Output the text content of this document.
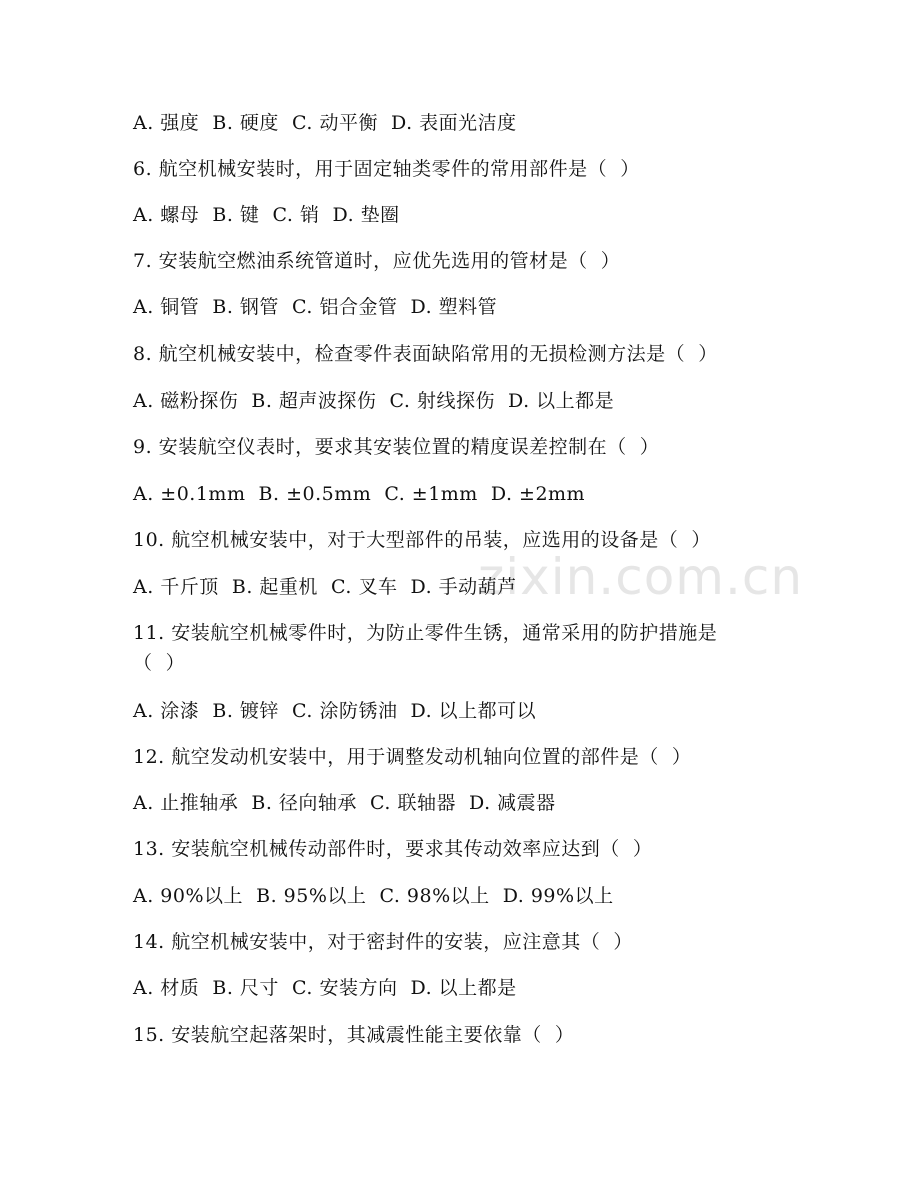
zixin.com.cn
A. 强度  B. 硬度  C. 动平衡  D. 表面光洁度
6. 航空机械安装时，用于固定轴类零件的常用部件是（  ）
A. 螺母  B. 键  C. 销  D. 垫圈
7. 安装航空燃油系统管道时，应优先选用的管材是（  ）
A. 铜管  B. 钢管  C. 铝合金管  D. 塑料管
8. 航空机械安装中，检查零件表面缺陷常用的无损检测方法是（  ）
A. 磁粉探伤  B. 超声波探伤  C. 射线探伤  D. 以上都是
9. 安装航空仪表时，要求其安装位置的精度误差控制在（  ）
A. ±0.1mm  B. ±0.5mm  C. ±1mm  D. ±2mm
10. 航空机械安装中，对于大型部件的吊装，应选用的设备是（  ）
A. 千斤顶  B. 起重机  C. 叉车  D. 手动葫芦
11. 安装航空机械零件时，为防止零件生锈，通常采用的防护措施是
（  ）
A. 涂漆  B. 镀锌  C. 涂防锈油  D. 以上都可以
12. 航空发动机安装中，用于调整发动机轴向位置的部件是（  ）
A. 止推轴承  B. 径向轴承  C. 联轴器  D. 减震器
13. 安装航空机械传动部件时，要求其传动效率应达到（  ）
A. 90%以上  B. 95%以上  C. 98%以上  D. 99%以上
14. 航空机械安装中，对于密封件的安装，应注意其（  ）
A. 材质  B. 尺寸  C. 安装方向  D. 以上都是
15. 安装航空起落架时，其减震性能主要依靠（  ）
